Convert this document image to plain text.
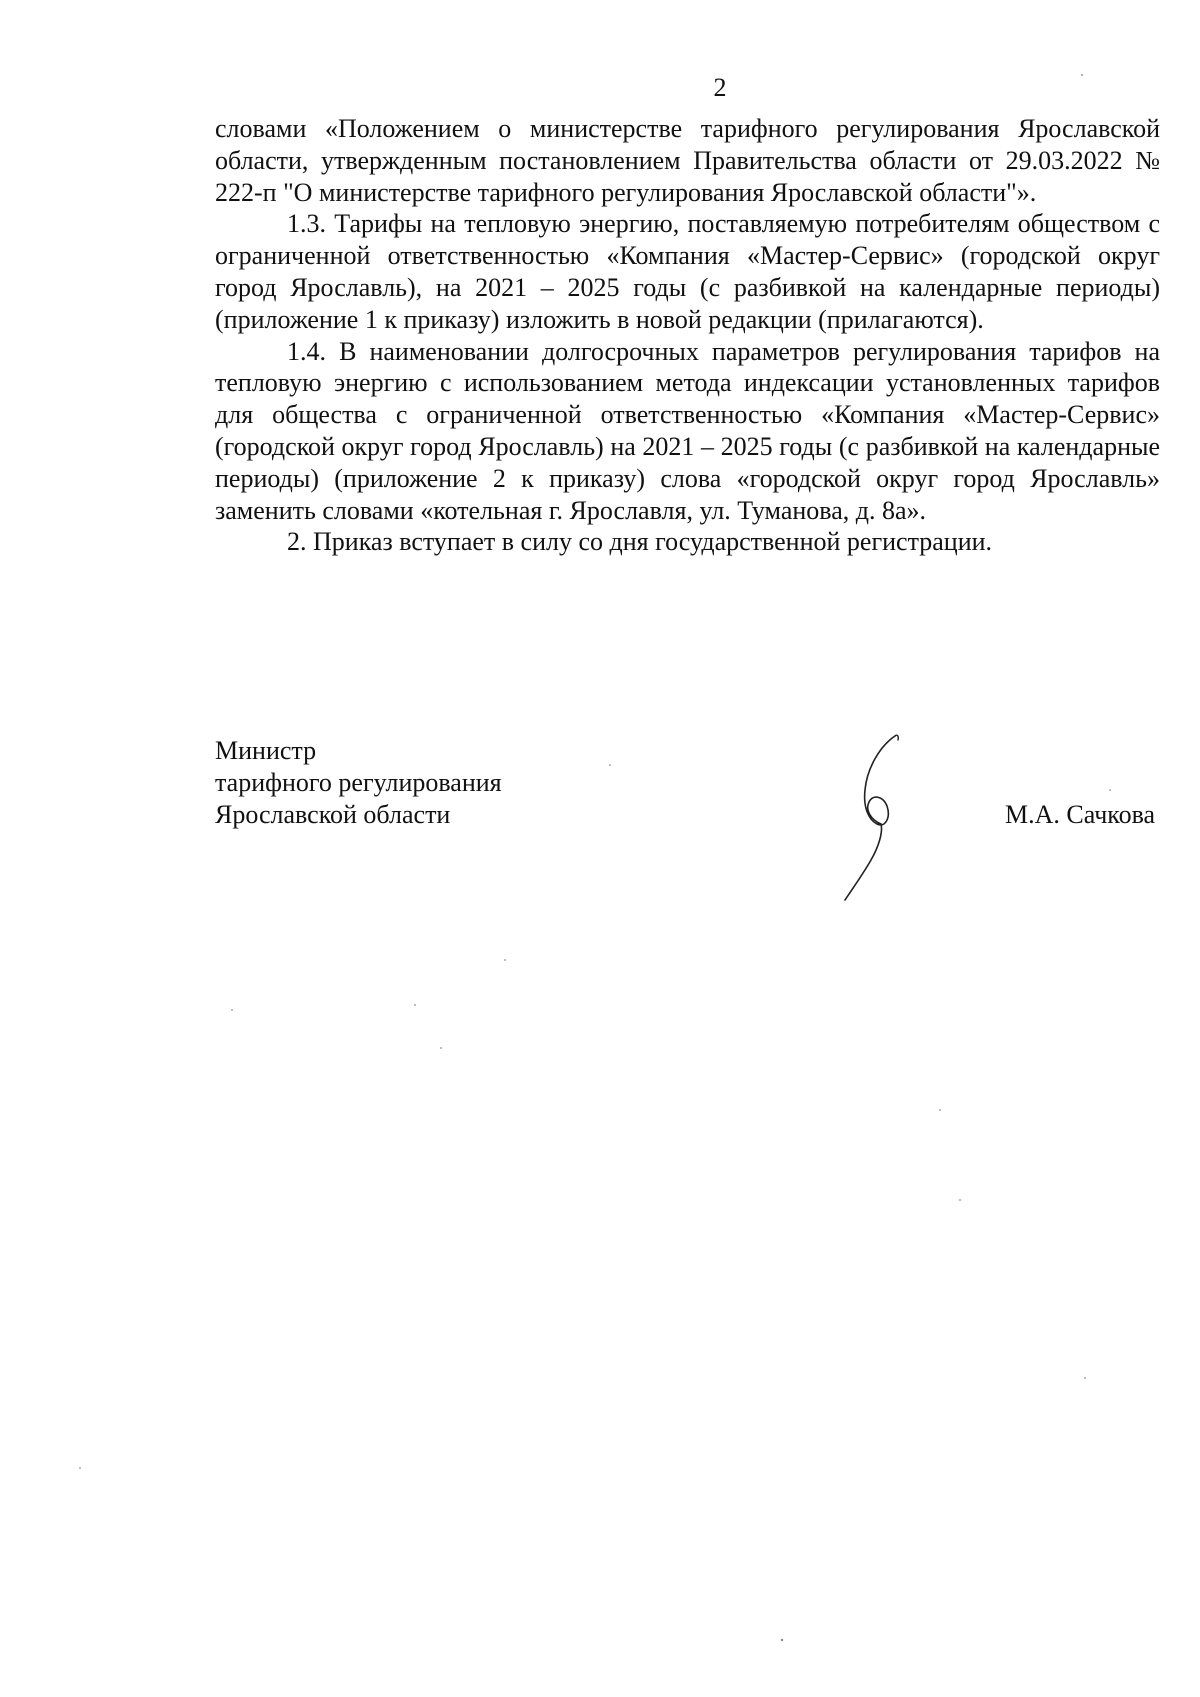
2

словами «Положением о министерстве тарифного регулирования Ярославской области, утвержденным постановлением Правительства области от 29.03.2022 № 222-п "О министерстве тарифного регулирования Ярославской области"».

1.3. Тарифы на тепловую энергию, поставляемую потребителям обществом с ограниченной ответственностью «Компания «Мастер-Сервис» (городской округ город Ярославль), на 2021 – 2025 годы (с разбивкой на календарные периоды) (приложение 1 к приказу) изложить в новой редакции (прилагаются).

1.4. В наименовании долгосрочных параметров регулирования тарифов на тепловую энергию с использованием метода индексации установленных тарифов для общества с ограниченной ответственностью «Компания «Мастер-Сервис» (городской округ город Ярославль) на 2021 – 2025 годы (с разбивкой на календарные периоды) (приложение 2 к приказу) слова «городской округ город Ярославль» заменить словами «котельная г. Ярославля, ул. Туманова, д. 8а».

2. Приказ вступает в силу со дня государственной регистрации.

Министр
тарифного регулирования
Ярославской области	М.А. Сачкова
